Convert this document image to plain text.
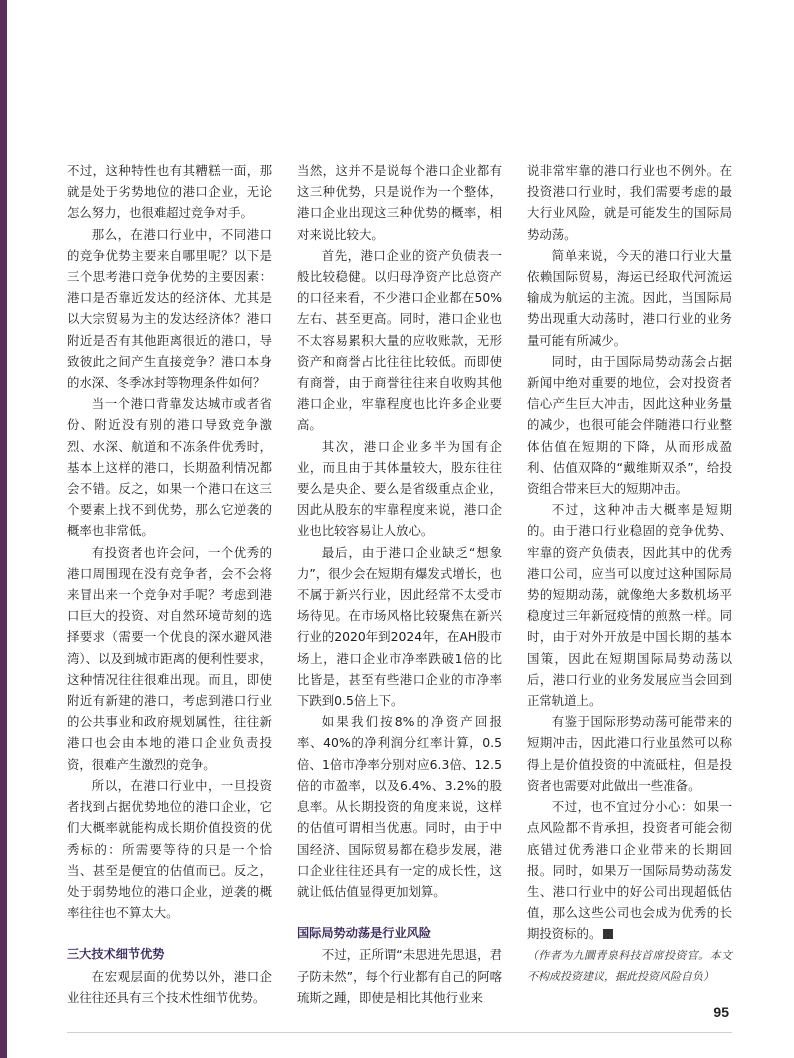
不过，这种特性也有其糟糕一面，那就是处于劣势地位的港口企业，无论怎么努力，也很难超过竞争对手。

那么，在港口行业中，不同港口的竞争优势主要来自哪里呢？以下是三个思考港口竞争优势的主要因素：港口是否靠近发达的经济体、尤其是以大宗贸易为主的发达经济体？港口附近是否有其他距离很近的港口，导致彼此之间产生直接竞争？港口本身的水深、冬季冰封等物理条件如何？

当一个港口背靠发达城市或者省份、附近没有别的港口导致竞争激烈、水深、航道和不冻条件优秀时，基本上这样的港口，长期盈利情况都会不错。反之，如果一个港口在这三个要素上找不到优势，那么它逆袭的概率也非常低。

有投资者也许会问，一个优秀的港口周围现在没有竞争者，会不会将来冒出来一个竞争对手呢？考虑到港口巨大的投资、对自然环境苛刻的选择要求（需要一个优良的深水避风港湾）、以及到城市距离的便利性要求，这种情况往往很难出现。而且，即使附近有新建的港口，考虑到港口行业的公共事业和政府规划属性，往往新港口也会由本地的港口企业负责投资，很难产生激烈的竞争。

所以，在港口行业中，一旦投资者找到占据优势地位的港口企业，它们大概率就能构成长期价值投资的优秀标的：所需要等待的只是一个恰当、甚至是便宜的估值而已。反之，处于弱势地位的港口企业，逆袭的概率往往也不算太大。

三大技术细节优势

在宏观层面的优势以外，港口企业往往还具有三个技术性细节优势。

当然，这并不是说每个港口企业都有这三种优势，只是说作为一个整体，港口企业出现这三种优势的概率，相对来说比较大。

首先，港口企业的资产负债表一般比较稳健。以归母净资产比总资产的口径来看，不少港口企业都在50%左右、甚至更高。同时，港口企业也不太容易累积大量的应收账款，无形资产和商誉占比往往比较低。而即使有商誉，由于商誉往往来自收购其他港口企业，牢靠程度也比许多企业要高。

其次，港口企业多半为国有企业，而且由于其体量较大，股东往往要么是央企、要么是省级重点企业，因此从股东的牢靠程度来说，港口企业也比较容易让人放心。

最后，由于港口企业缺乏“想象力”，很少会在短期有爆发式增长，也不属于新兴行业，因此经常不太受市场待见。在市场风格比较聚焦在新兴行业的2020年到2024年，在AH股市场上，港口企业市净率跌破1倍的比比皆是，甚至有些港口企业的市净率下跌到0.5倍上下。

如果我们按8%的净资产回报率、40%的净利润分红率计算，0.5倍、1倍市净率分别对应6.3倍、12.5倍的市盈率，以及6.4%、3.2%的股息率。从长期投资的角度来说，这样的估值可谓相当优惠。同时，由于中国经济、国际贸易都在稳步发展，港口企业往往还具有一定的成长性，这就让低估值显得更加划算。

国际局势动荡是行业风险

不过，正所谓“未思进先思退，君子防未然”，每个行业都有自己的阿喀琉斯之踵，即使是相比其他行业来

说非常牢靠的港口行业也不例外。在投资港口行业时，我们需要考虑的最大行业风险，就是可能发生的国际局势动荡。

简单来说，今天的港口行业大量依赖国际贸易，海运已经取代河流运输成为航运的主流。因此，当国际局势出现重大动荡时，港口行业的业务量可能有所减少。

同时，由于国际局势动荡会占据新闻中绝对重要的地位，会对投资者信心产生巨大冲击，因此这种业务量的减少，也很可能会伴随港口行业整体估值在短期的下降，从而形成盈利、估值双降的“戴维斯双杀”，给投资组合带来巨大的短期冲击。

不过，这种冲击大概率是短期的。由于港口行业稳固的竞争优势、牢靠的资产负债表，因此其中的优秀港口公司，应当可以度过这种国际局势的短期动荡，就像绝大多数机场平稳度过三年新冠疫情的煎熬一样。同时，由于对外开放是中国长期的基本国策，因此在短期国际局势动荡以后，港口行业的业务发展应当会回到正常轨道上。

有鉴于国际形势动荡可能带来的短期冲击，因此港口行业虽然可以称得上是价值投资的中流砥柱，但是投资者也需要对此做出一些准备。

不过，也不宜过分小心：如果一点风险都不肯承担，投资者可能会彻底错过优秀港口企业带来的长期回报。同时，如果万一国际局势动荡发生、港口行业中的好公司出现超低估值，那么这些公司也会成为优秀的长期投资标的。

（作者为九圜青泉科技首席投资官。本文不构成投资建议，据此投资风险自负）

95
